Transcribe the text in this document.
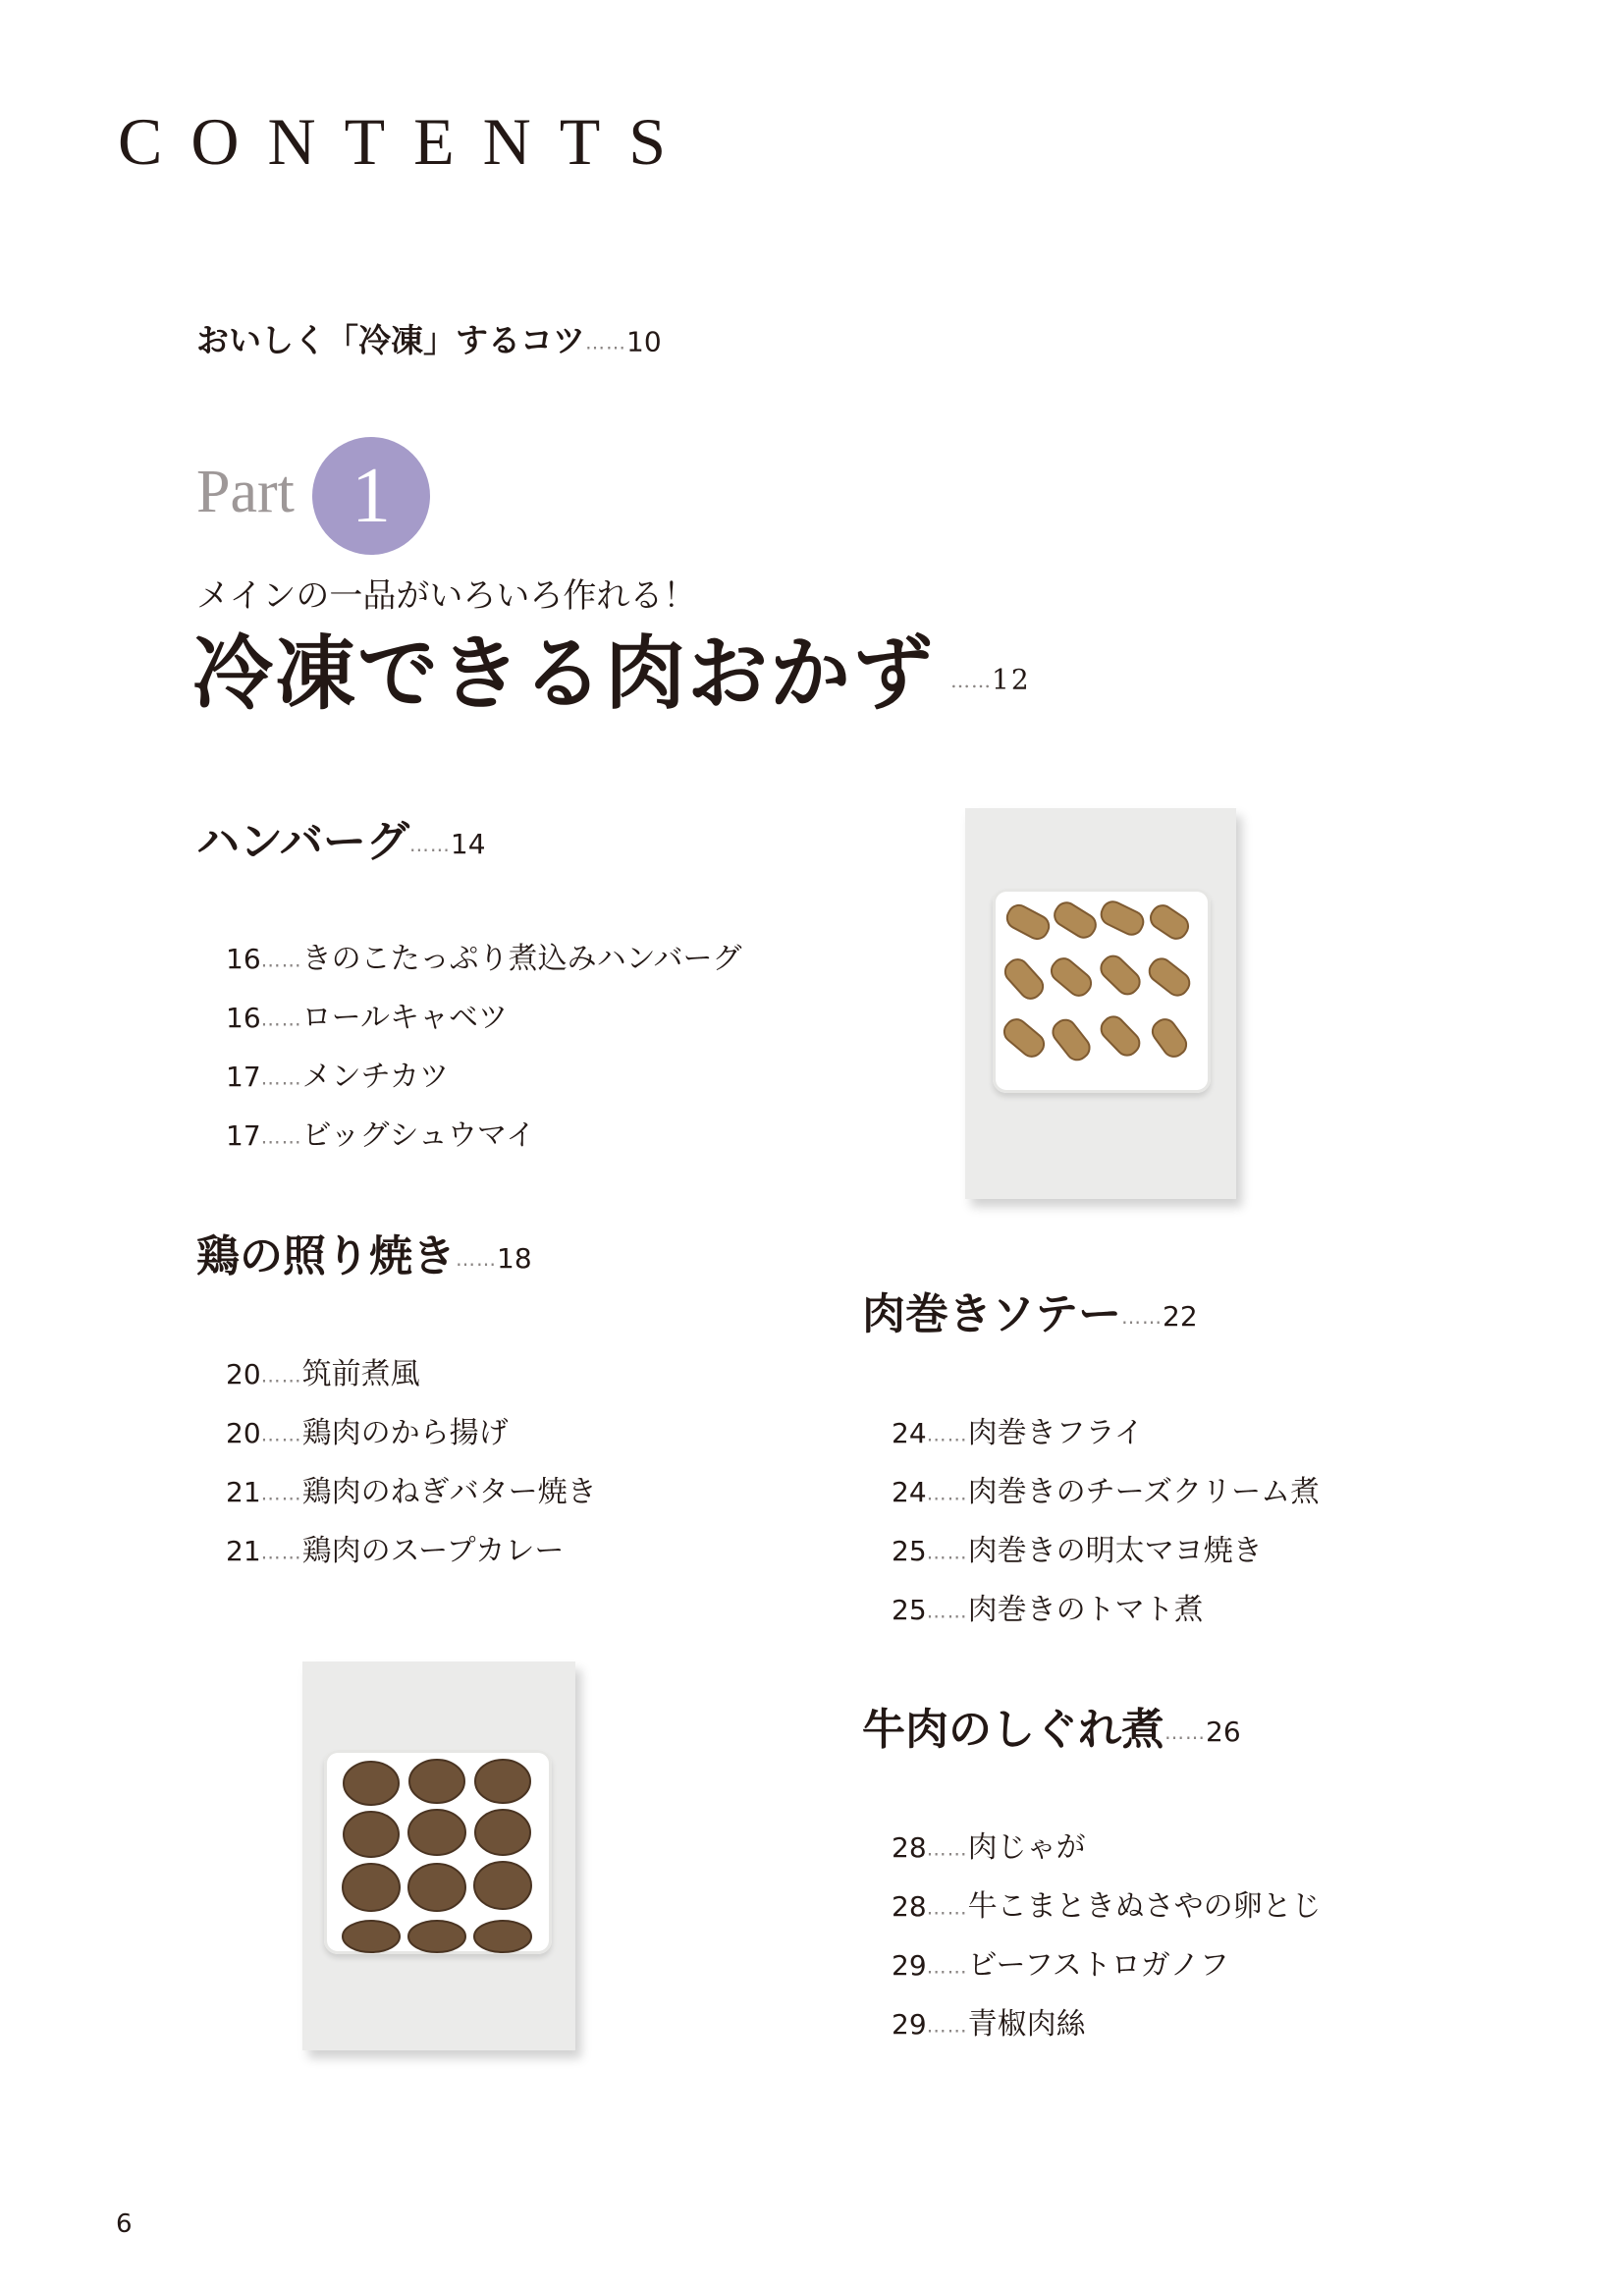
CONTENTS
おいしく「冷凍」するコツ……10
Part 1
メインの一品がいろいろ作れる！
冷凍できる肉おかず ……12
ハンバーグ……14
16……きのこたっぷり煮込みハンバーグ
16……ロールキャベツ
17……メンチカツ
17……ビッグシュウマイ
鶏の照り焼き……18
20……筑前煮風
20……鶏肉のから揚げ
21……鶏肉のねぎバター焼き
21……鶏肉のスープカレー
肉巻きソテー……22
24……肉巻きフライ
24……肉巻きのチーズクリーム煮
25……肉巻きの明太マヨ焼き
25……肉巻きのトマト煮
牛肉のしぐれ煮……26
28……肉じゃが
28……牛こまときぬさやの卵とじ
29……ビーフストロガノフ
29……青椒肉絲
6
